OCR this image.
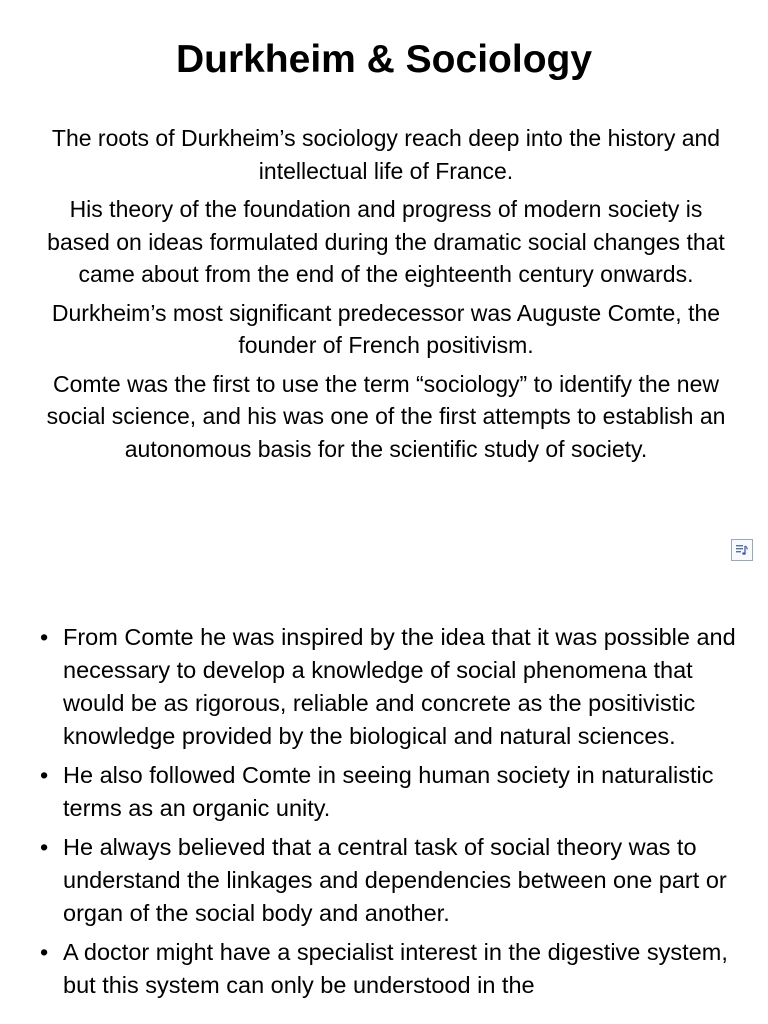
Durkheim & Sociology

The roots of Durkheim’s sociology reach deep into the history and intellectual life of France.

His theory of the foundation and progress of modern society is based on ideas formulated during the dramatic social changes that came about from the end of the eighteenth century onwards.

Durkheim’s most significant predecessor was Auguste Comte, the founder of French positivism.

Comte was the first to use the term “sociology” to identify the new social science, and his was one of the first attempts to establish an autonomous basis for the scientific study of society.

• From Comte he was inspired by the idea that it was possible and necessary to develop a knowledge of social phenomena that would be as rigorous, reliable and concrete as the positivistic knowledge provided by the biological and natural sciences.
• He also followed Comte in seeing human society in naturalistic terms as an organic unity.
• He always believed that a central task of social theory was to understand the linkages and dependencies between one part or organ of the social body and another.
• A doctor might have a specialist interest in the digestive system, but this system can only be understood in the
